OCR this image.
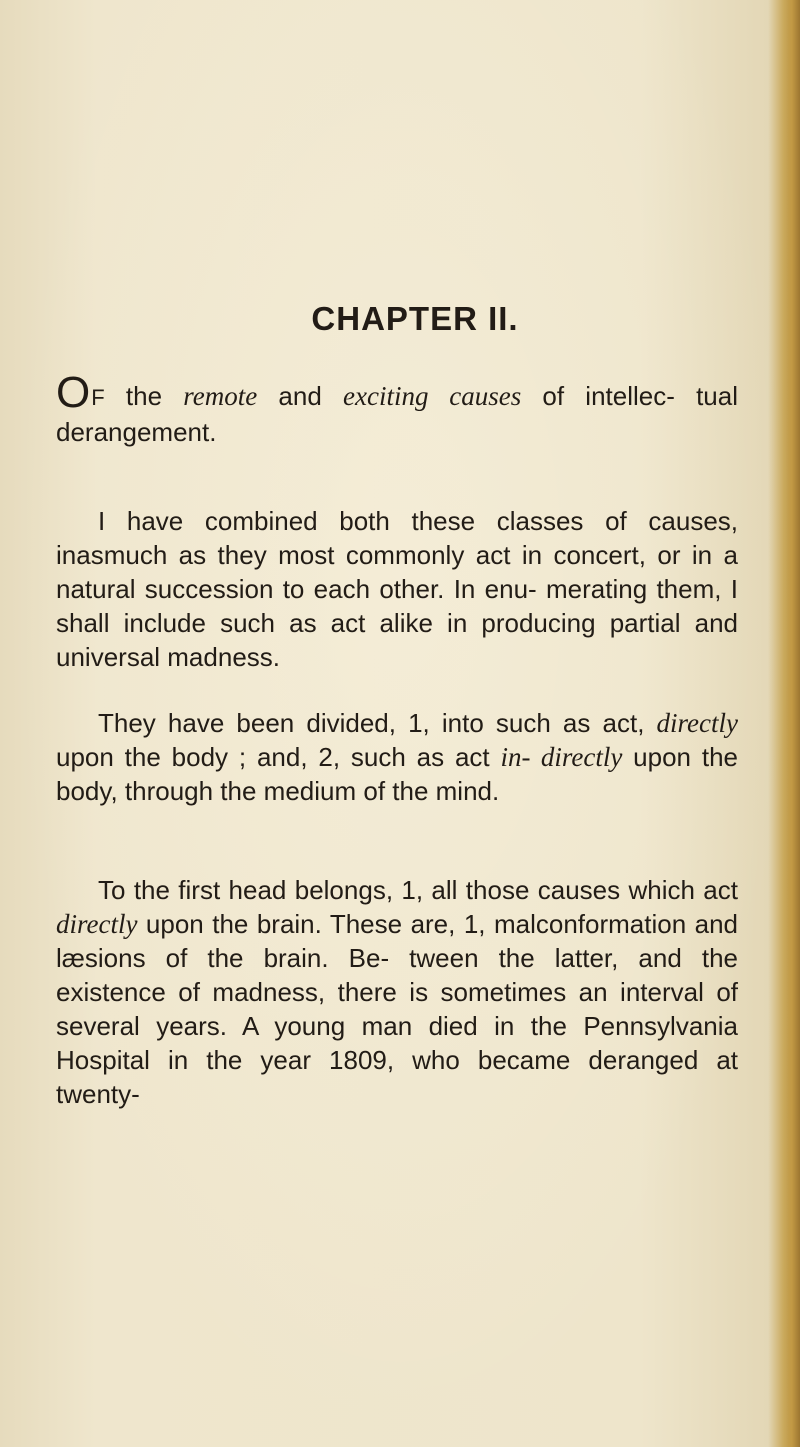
CHAPTER II.

OF the remote and exciting causes of intellec- tual derangement.

I have combined both these classes of causes, inasmuch as they most commonly act in concert, or in a natural succession to each other. In enu- merating them, I shall include such as act alike in producing partial and universal madness.

They have been divided, 1, into such as act, directly upon the body ; and, 2, such as act in- directly upon the body, through the medium of the mind.

To the first head belongs, 1, all those causes which act directly upon the brain. These are, 1, malconformation and læsions of the brain. Be- tween the latter, and the existence of madness, there is sometimes an interval of several years. A young man died in the Pennsylvania Hospital in the year 1809, who became deranged at twenty-
